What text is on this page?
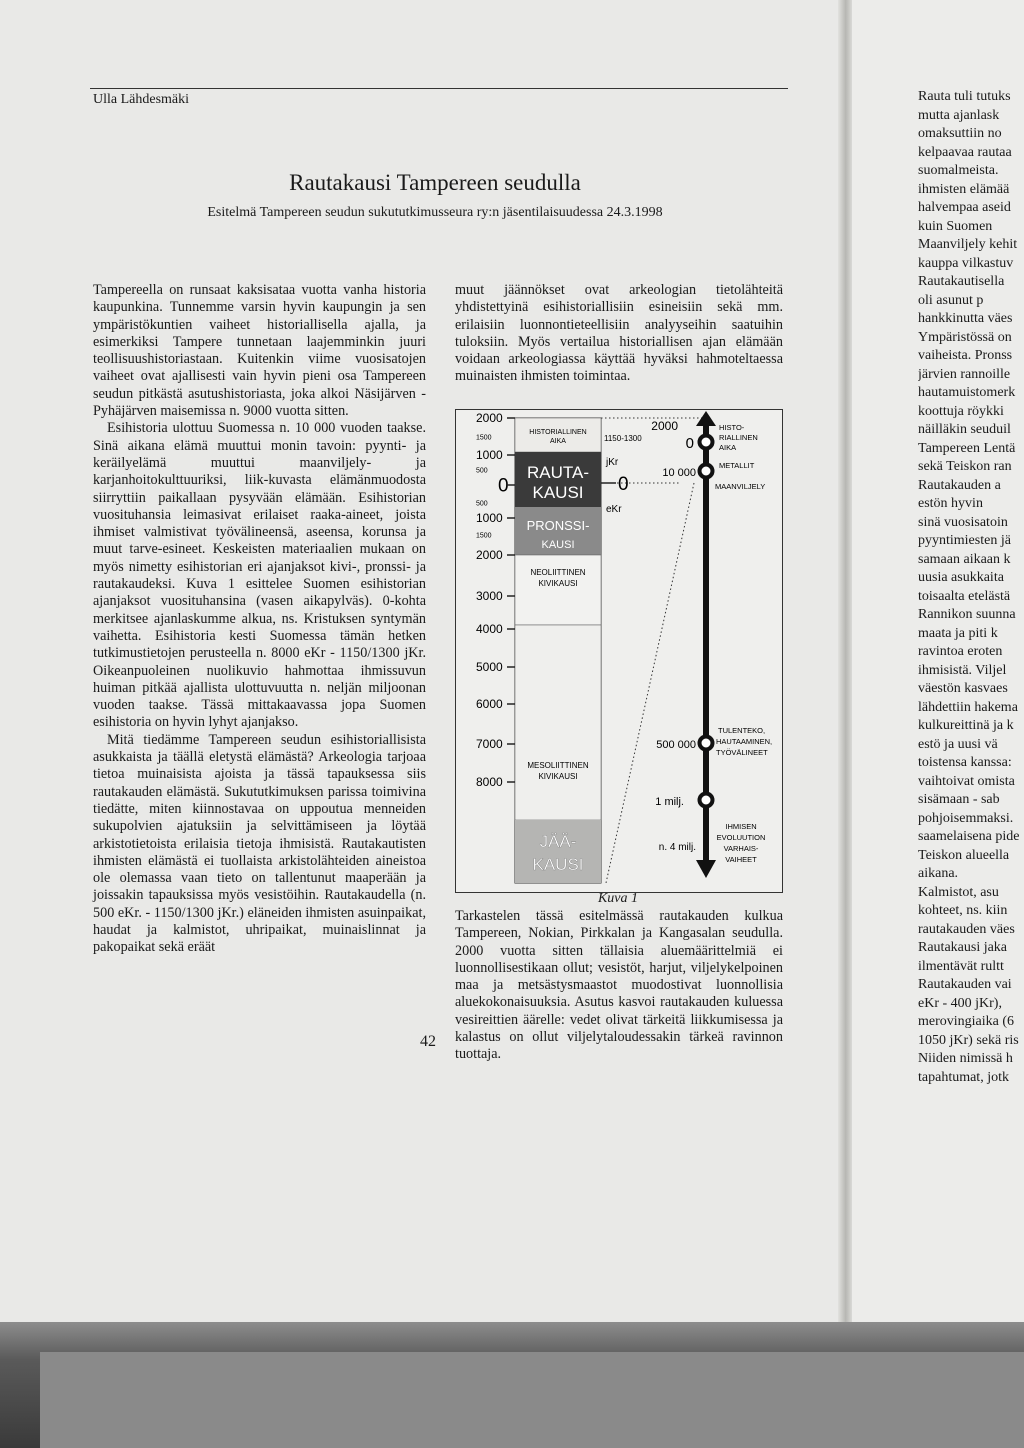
Ulla Lähdesmäki
Rautakausi Tampereen seudulla
Esitelmä Tampereen seudun sukututkimusseura ry:n jäsentilaisuudessa 24.3.1998

Tampereella on runsaat kaksisataa vuotta vanha historia kaupunkina. Tunnemme varsin hyvin kaupungin ja sen ympäristökuntien vaiheet historiallisella ajalla, ja esimerkiksi Tampere tunnetaan laajemminkin juuri teollisuushistoriastaan. Kuitenkin viime vuosisatojen vaiheet ovat ajallisesti vain hyvin pieni osa Tampereen seudun pitkästä asutushistoriasta, joka alkoi Näsijärven - Pyhäjärven maisemissa n. 9000 vuotta sitten.

Esihistoria ulottuu Suomessa n. 10 000 vuoden taakse. Sinä aikana elämä muuttui monin tavoin: pyynti- ja keräilyelämä muuttui maanviljely- ja karjanhoitokulttuuriksi, liik-kuvasta elämänmuodosta siirryttiin paikallaan pysyvään elämään. Esihistorian vuosituhansia leimasivat erilaiset raaka-aineet, joista ihmiset valmistivat työvälineensä, aseensa, korunsa ja muut tarve-esineet. Keskeisten materiaalien mukaan on myös nimetty esihistorian eri ajanjaksot kivi-, pronssi- ja rautakaudeksi. Kuva 1 esittelee Suomen esihistorian ajanjaksot vuosituhansina (vasen aikapylväs). 0-kohta merkitsee ajanlaskumme alkua, ns. Kristuksen syntymän vaihetta. Esihistoria kesti Suomessa tämän hetken tutkimustietojen perusteella n. 8000 eKr - 1150/1300 jKr. Oikeanpuoleinen nuolikuvio hahmottaa ihmissuvun huiman pitkää ajallista ulottuvuutta n. neljän miljoonan vuoden taakse. Tässä mittakaavassa jopa Suomen esihistoria on hyvin lyhyt ajanjakso.

Mitä tiedämme Tampereen seudun esihistoriallisista asukkaista ja täällä eletystä elämästä? Arkeologia tarjoaa tietoa muinaisista ajoista ja tässä tapauksessa siis rautakauden elämästä. Sukututkimuksen parissa toimivina tiedätte, miten kiinnostavaa on uppoutua menneiden sukupolvien ajatuksiin ja selvittämiseen ja löytää arkistotietoista erilaisia tietoja ihmisistä. Rautakautisten ihmisten elämästä ei tuollaista arkistolähteiden aineistoa ole olemassa vaan tieto on tallentunut maaperään ja joissakin tapauksissa myös vesistöihin. Rautakaudella (n. 500 eKr. - 1150/1300 jKr.) eläneiden ihmisten asuinpaikat, haudat ja kalmistot, uhripaikat, muinaislinnat ja pakopaikat sekä eräät

muut jäännökset ovat arkeologian tietolähteitä yhdistettyinä esihistoriallisiin esineisiin sekä mm. erilaisiin luonnontieteellisiin analyyseihin saatuihin tuloksiin. Myös vertailua historiallisen ajan elämään voidaan arkeologiassa käyttää hyväksi hahmoteltaessa muinaisten ihmisten toimintaa.

HISTORIALLINEN
AIKA
RAUTA-
KAUSI
PRONSSI-
KAUSI
NEOLIITTINEN
KIVIKAUSI
MESOLIITTINEN
KIVIKAUSI
JÄÄ-
KAUSI
2000
1500
1000
500
0
500
1000
1500
2000
3000
4000
5000
6000
7000
8000
1150-1300
jKr
0
eKr
2000
0
10 000
500 000
1 milj.
n. 4 milj.
HISTO-
RIALLINEN
AIKA
METALLIT
MAANVILJELY
TULENTEKO,
HAUTAAMINEN,
TYÖVÄLINEET
IHMISEN
EVOLUUTION
VARHAIS-
VAIHEET
Kuva 1

Tarkastelen tässä esitelmässä rautakauden kulkua Tampereen, Nokian, Pirkkalan ja Kangasalan seudulla. 2000 vuotta sitten tällaisia aluemäärittelmiä ei luonnollisestikaan ollut; vesistöt, harjut, viljelykelpoinen maa ja metsästysmaastot muodostivat luonnollisia aluekokonaisuuksia. Asutus kasvoi rautakauden kuluessa vesireittien äärelle: vedet olivat tärkeitä liikkumisessa ja kalastus on ollut viljelytaloudessakin tärkeä ravinnon tuottaja.

42
Rauta tuli tutuks
mutta ajanlask
omaksuttiin no
kelpaavaa rautaa
suomalmeista.
ihmisten elämää
halvempaa aseid
kuin Suomen
Maanviljely kehit
kauppa vilkastuv
Rautakautisella
oli asunut p
hankkinutta väes
Ympäristössä on
vaiheista. Pronss
järvien rannoille
hautamuistomerk
koottuja röykki
näilläkin seuduil
Tampereen Lentä
sekä Teiskon ran
Rautakauden a
estön hyvin
sinä vuosisatoin
pyyntimiesten jä
samaan aikaan k
uusia asukkaita
toisaalta etelästä
Rannikon suunna
maata ja piti k
ravintoa eroten
ihmisistä. Viljel
väestön kasvaes
lähdettiin hakema
kulkureittinä ja k
estö ja uusi vä
toistensa kanssa:
vaihtoivat omista
sisämaan - sab
pohjoisemmaksi.
saamelaisena pide
Teiskon alueella
aikana.
Kalmistot, asu
kohteet, ns. kiin
rautakauden väes
Rautakausi jaka
ilmentävät rultt
Rautakauden vai
eKr - 400 jKr),
merovingiaika (6
1050 jKr) sekä ris
Niiden nimissä h
tapahtumat, jotk
